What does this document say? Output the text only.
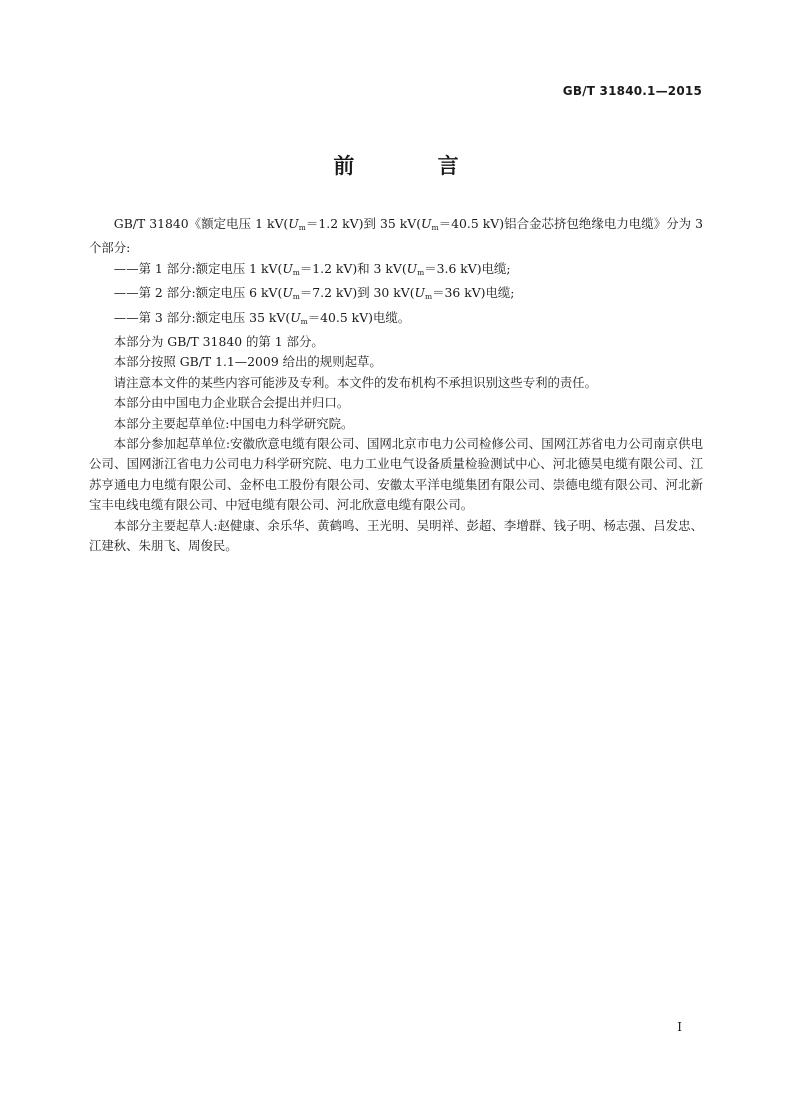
GB/T 31840.1—2015
前 言

GB/T 31840《额定电压 1 $kV(U_m=1.2$ kV)到 35 $kV(U_m=40.5$ kV)铝合金芯挤包绝缘电力电缆》分为 3 个部分:

——第 1 部分:额定电压 1 $kV(U_m=1.2$ kV)和 3 $kV(U_m=3.6$ kV)电缆;

——第 2 部分:额定电压 6 $kV(U_m=7.2$ kV)到 30 $kV(U_m=36$ kV)电缆;

——第 3 部分:额定电压 35 $kV(U_m=40.5$ kV)电缆。

本部分为 GB/T 31840 的第 1 部分。

本部分按照 GB/T 1.1—2009 给出的规则起草。

请注意本文件的某些内容可能涉及专利。本文件的发布机构不承担识别这些专利的责任。

本部分由中国电力企业联合会提出并归口。

本部分主要起草单位:中国电力科学研究院。

本部分参加起草单位:安徽欣意电缆有限公司、国网北京市电力公司检修公司、国网江苏省电力公司南京供电公司、国网浙江省电力公司电力科学研究院、电力工业电气设备质量检验测试中心、河北德昊电缆有限公司、江苏亨通电力电缆有限公司、金杯电工股份有限公司、安徽太平洋电缆集团有限公司、崇德电缆有限公司、河北新宝丰电线电缆有限公司、中冠电缆有限公司、河北欣意电缆有限公司。

本部分主要起草人:赵健康、余乐华、黄鹤鸣、王光明、吴明祥、彭超、李增群、钱子明、杨志强、吕发忠、江建秋、朱朋飞、周俊民。

I
